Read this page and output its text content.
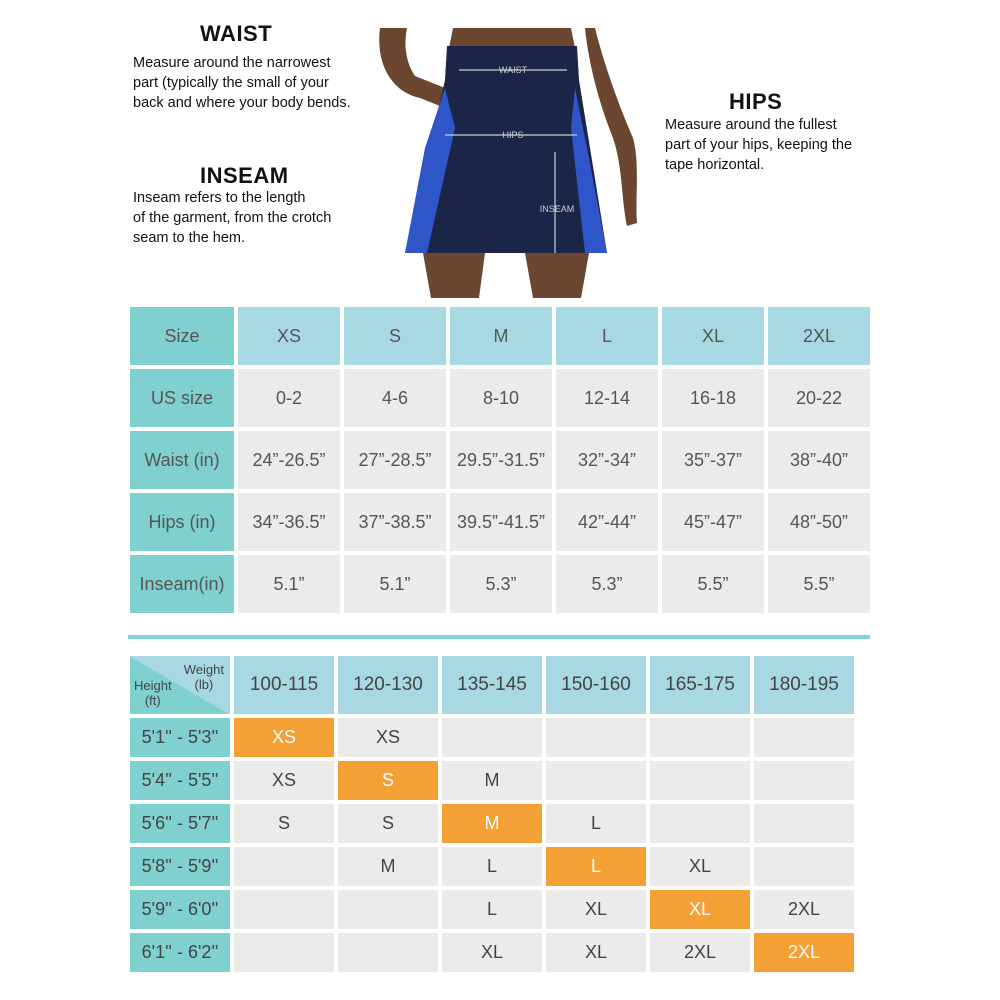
WAIST
Measure around the narrowest
part (typically the small of your
back and where your body bends.
INSEAM
Inseam refers to the length
of the garment, from the crotch
seam to the hem.
HIPS
Measure around the fullest
part of your hips, keeping the
tape horizontal.
WAIST
HIPS
INSEAM
Size	XS	S	M	L	XL	2XL
US size	0-2	4-6	8-10	12-14	16-18	20-22
Waist (in)	24”-26.5”	27”-28.5”	29.5”-31.5”	32”-34”	35”-37”	38”-40”
Hips (in)	34”-36.5”	37”-38.5”	39.5”-41.5”	42”-44”	45”-47”	48”-50”
Inseam(in)	5.1”	5.1”	5.3”	5.3”	5.5”	5.5”
Weight
(lb)
Height
(ft)	100-115	120-130	135-145	150-160	165-175	180-195
5'1'' - 5'3''	XS	XS				
5'4'' - 5'5''	XS	S	M			
5'6'' - 5'7''	S	S	M	L		
5'8'' - 5'9''		M	L	L	XL	
5'9'' - 6'0''			L	XL	XL	2XL
6'1'' - 6'2''			XL	XL	2XL	2XL
